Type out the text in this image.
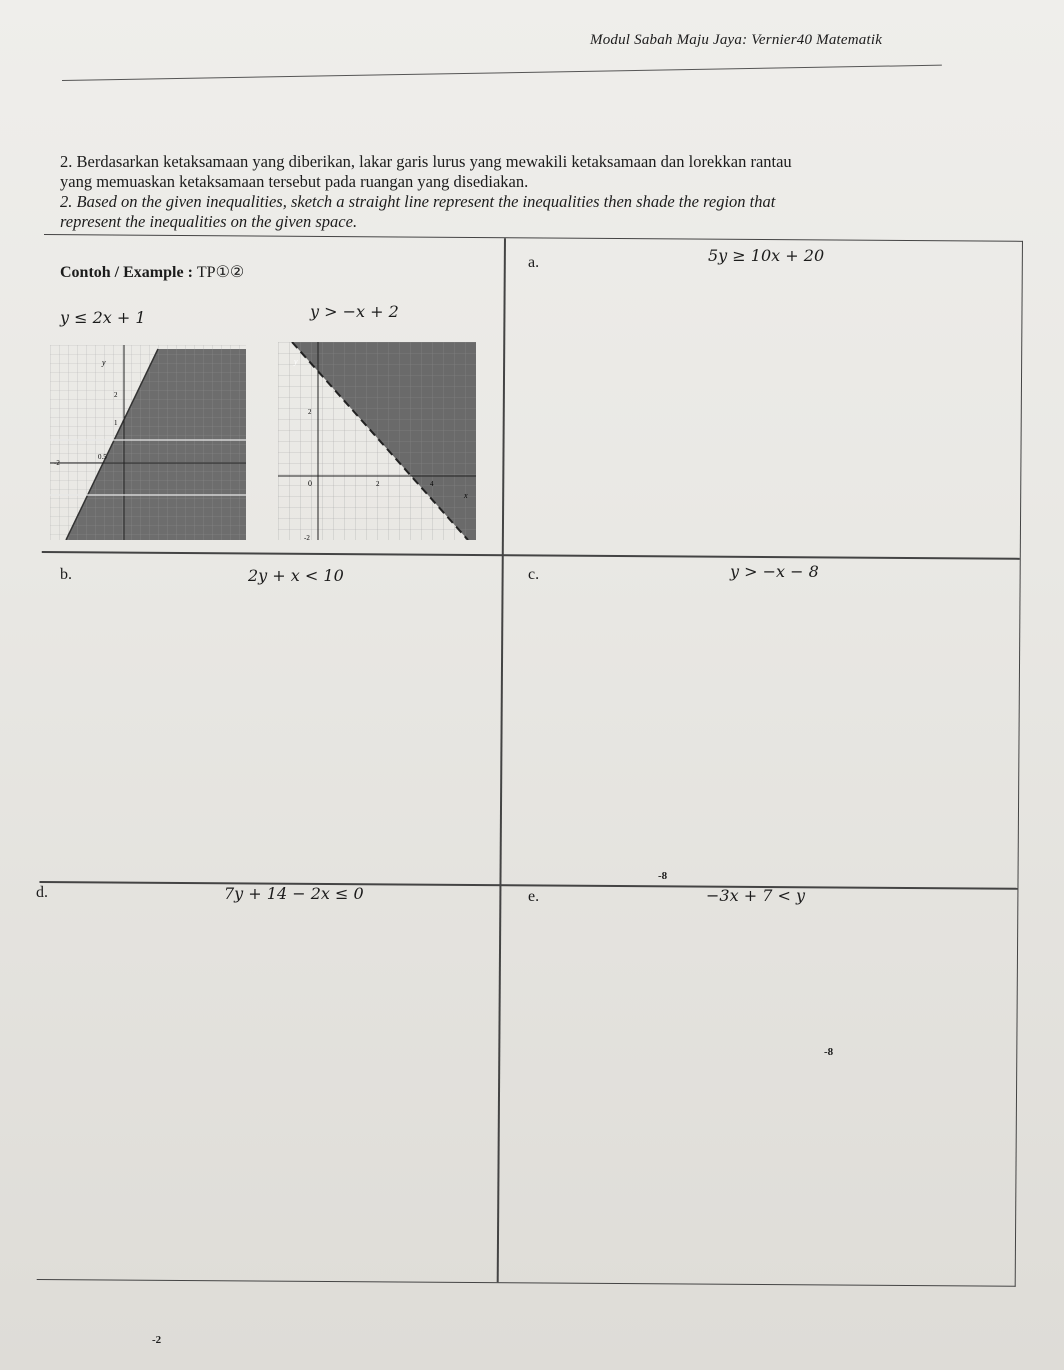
Modul Sabah Maju Jaya: Vernier40 Matematik
2. Berdasarkan ketaksamaan yang diberikan, lakar garis lurus yang mewakili ketaksamaan dan lorekkan rantau
yang memuaskan ketaksamaan tersebut pada ruangan yang disediakan.
2. Based on the given inequalities, sketch a straight line represent the inequalities then shade the region that
represent the inequalities on the given space.
Contoh / Example : TP①②
y ≤ 2x + 1	y > −x + 2
y
2
1
-2
0.5
y
2
0	2	4
x
-2
a.	5y ≥ 10x + 20
b.	2y + x < 10	c.	y > −x − 8
d.	7y + 14 − 2x ≤ 0	e.	−3x + 7 < y
-8
-8
-2
